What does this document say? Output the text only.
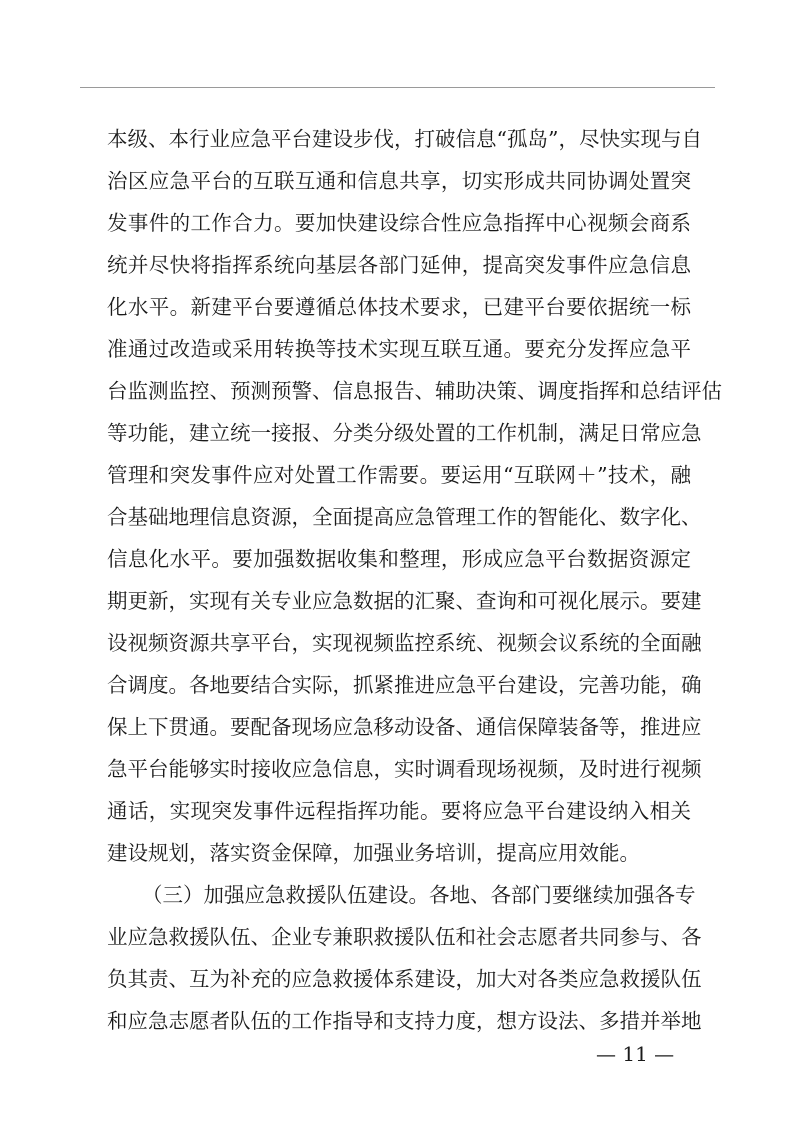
本级、本行业应急平台建设步伐，打破信息“孤岛”，尽快实现与自
治区应急平台的互联互通和信息共享，切实形成共同协调处置突
发事件的工作合力。要加快建设综合性应急指挥中心视频会商系
统并尽快将指挥系统向基层各部门延伸，提高突发事件应急信息
化水平。新建平台要遵循总体技术要求，已建平台要依据统一标
准通过改造或采用转换等技术实现互联互通。要充分发挥应急平
台监测监控、预测预警、信息报告、辅助决策、调度指挥和总结评估
等功能，建立统一接报、分类分级处置的工作机制，满足日常应急
管理和突发事件应对处置工作需要。要运用“互联网＋”技术，融
合基础地理信息资源，全面提高应急管理工作的智能化、数字化、
信息化水平。要加强数据收集和整理，形成应急平台数据资源定
期更新，实现有关专业应急数据的汇聚、查询和可视化展示。要建
设视频资源共享平台，实现视频监控系统、视频会议系统的全面融
合调度。各地要结合实际，抓紧推进应急平台建设，完善功能，确
保上下贯通。要配备现场应急移动设备、通信保障装备等，推进应
急平台能够实时接收应急信息，实时调看现场视频，及时进行视频
通话，实现突发事件远程指挥功能。要将应急平台建设纳入相关
建设规划，落实资金保障，加强业务培训，提高应用效能。
（三）加强应急救援队伍建设。各地、各部门要继续加强各专
业应急救援队伍、企业专兼职救援队伍和社会志愿者共同参与、各
负其责、互为补充的应急救援体系建设，加大对各类应急救援队伍
和应急志愿者队伍的工作指导和支持力度，想方设法、多措并举地
— 11 —
